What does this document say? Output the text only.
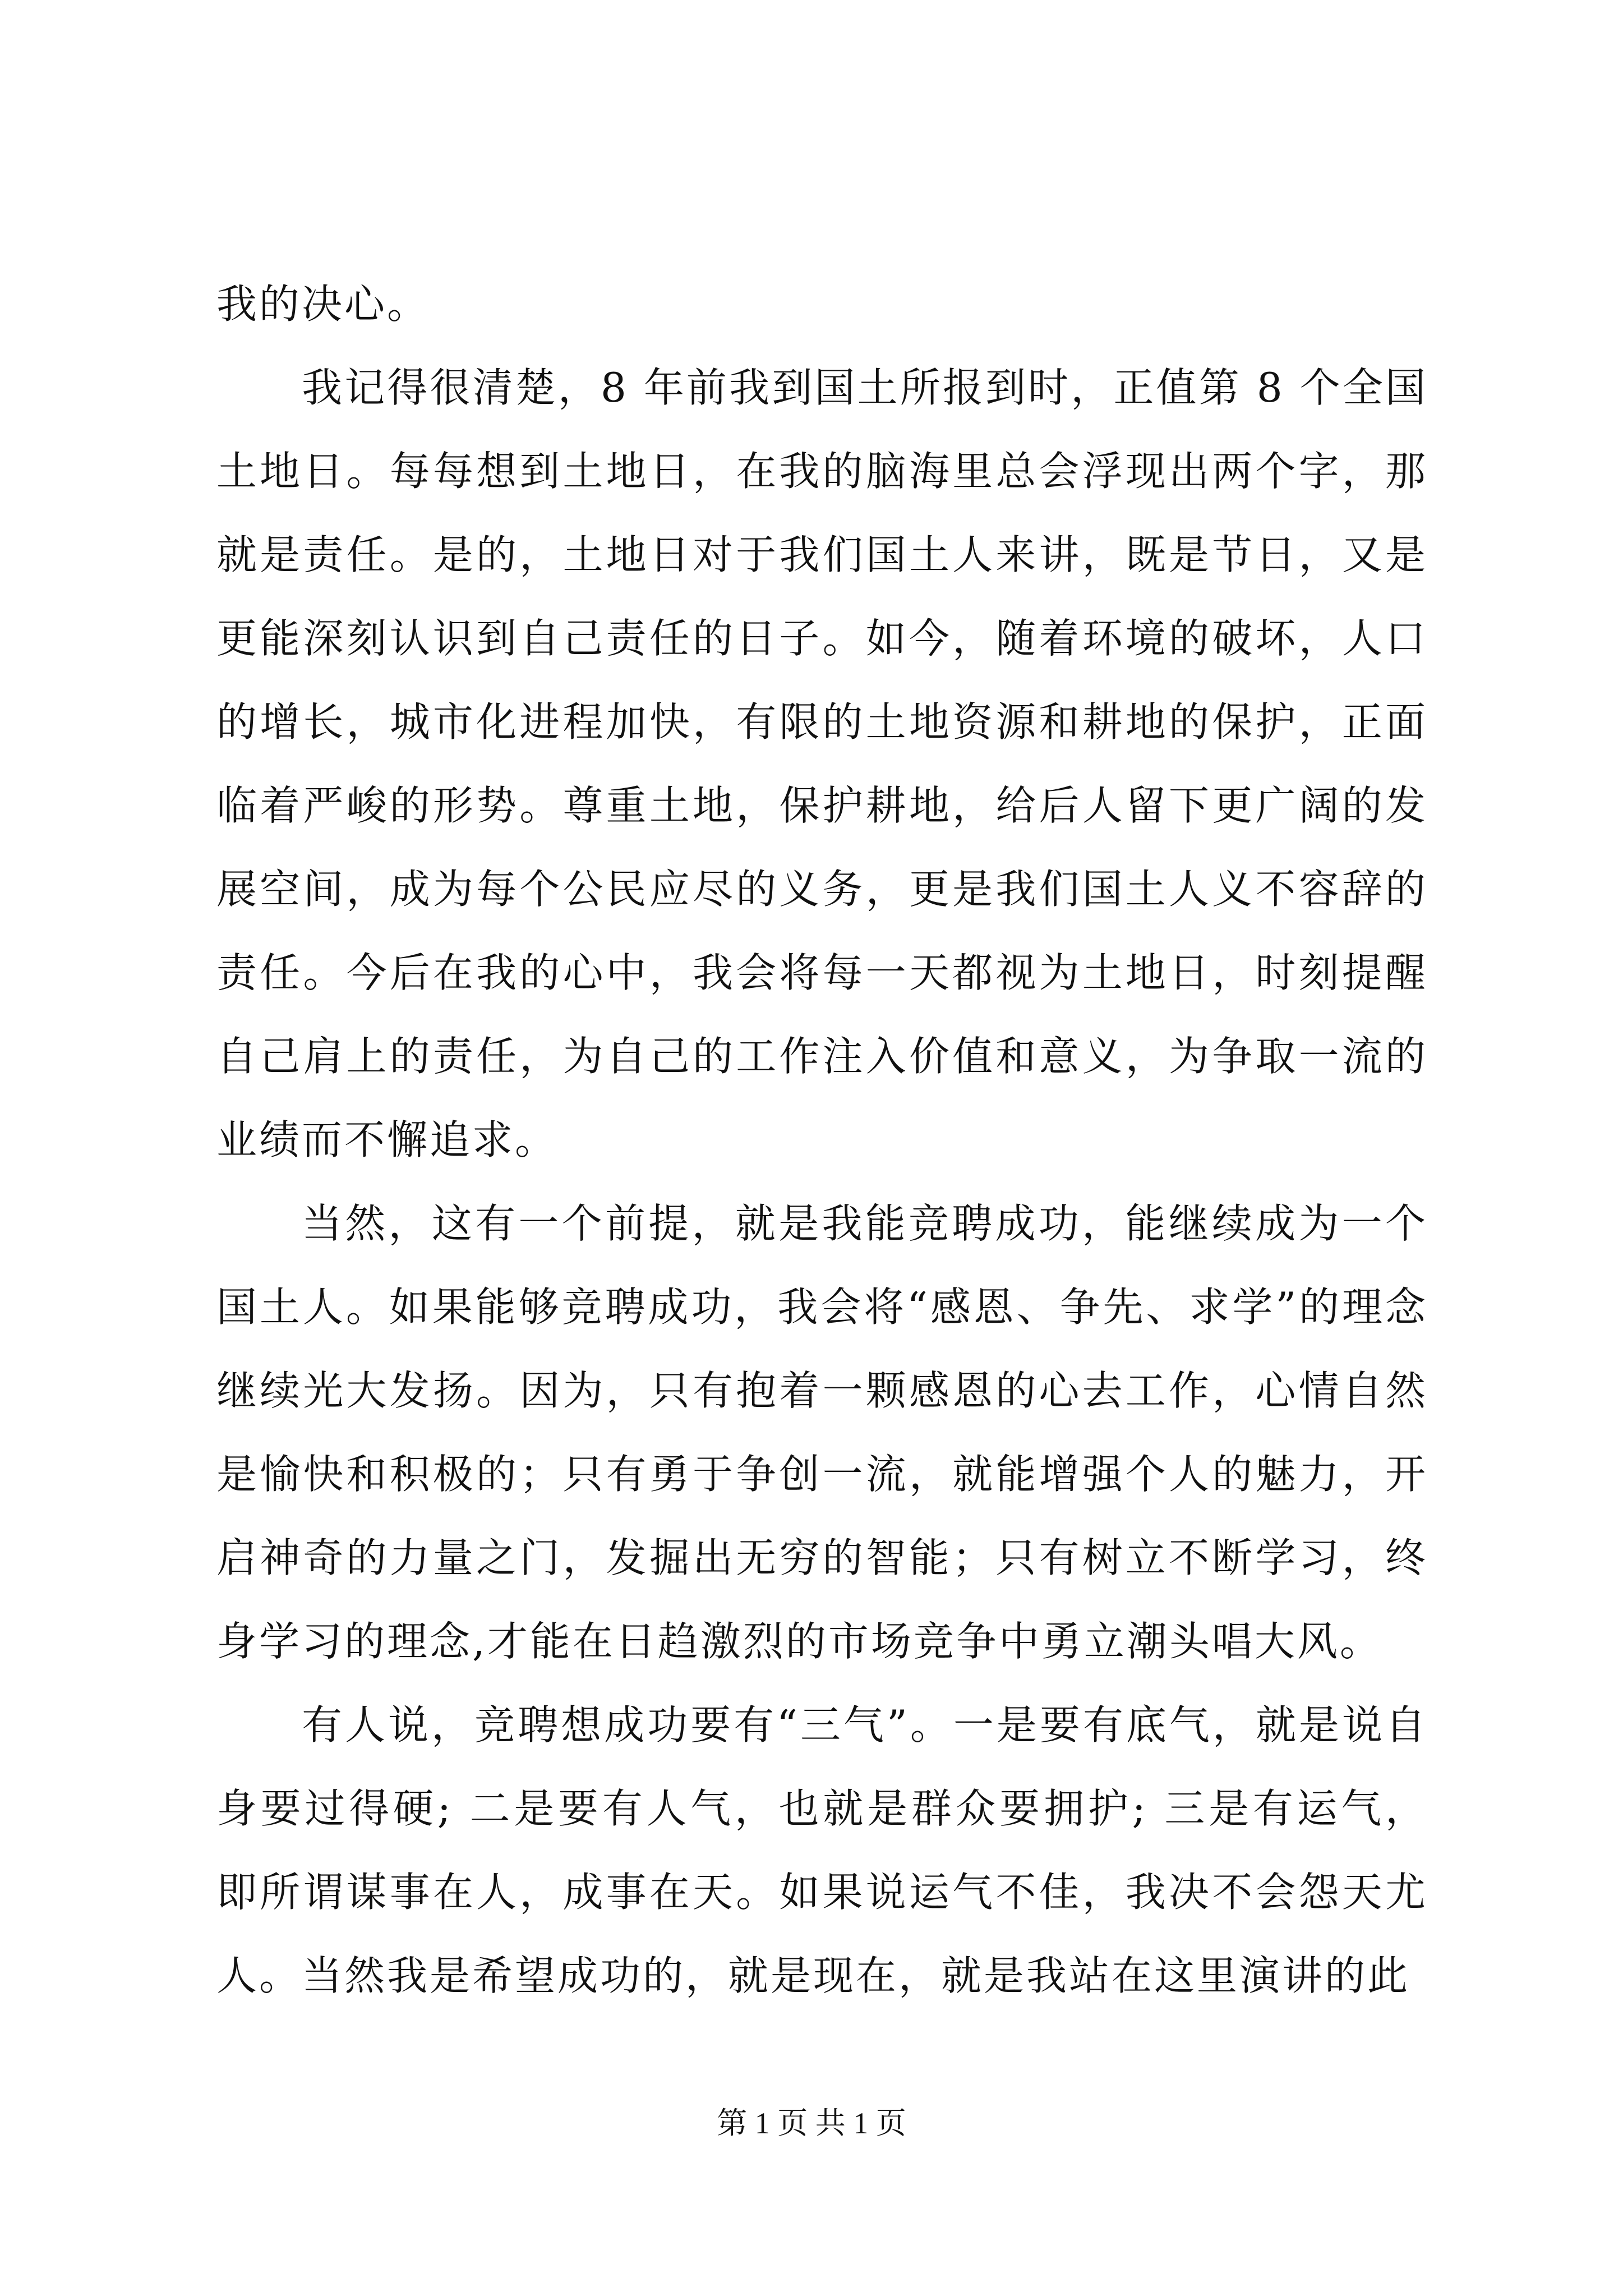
我的决心。

我记得很清楚，8 年前我到国土所报到时，正值第 8 个全国土地日。每每想到土地日，在我的脑海里总会浮现出两个字，那就是责任。是的，土地日对于我们国土人来讲，既是节日，又是更能深刻认识到自己责任的日子。如今，随着环境的破坏，人口的增长，城市化进程加快，有限的土地资源和耕地的保护，正面临着严峻的形势。尊重土地，保护耕地，给后人留下更广阔的发展空间，成为每个公民应尽的义务，更是我们国土人义不容辞的责任。今后在我的心中，我会将每一天都视为土地日，时刻提醒自己肩上的责任，为自己的工作注入价值和意义，为争取一流的业绩而不懈追求。

当然，这有一个前提，就是我能竞聘成功，能继续成为一个国土人。如果能够竞聘成功，我会将“感恩、争先、求学”的理念继续光大发扬。因为，只有抱着一颗感恩的心去工作，心情自然是愉快和积极的；只有勇于争创一流，就能增强个人的魅力，开启神奇的力量之门，发掘出无穷的智能；只有树立不断学习，终身学习的理念,才能在日趋激烈的市场竞争中勇立潮头唱大风。

有人说，竞聘想成功要有“三气”。一是要有底气，就是说自身要过得硬; 二是要有人气，也就是群众要拥护; 三是有运气，即所谓谋事在人，成事在天。如果说运气不佳，我决不会怨天尤人。当然我是希望成功的，就是现在，就是我站在这里演讲的此

第 1 页 共 1 页
